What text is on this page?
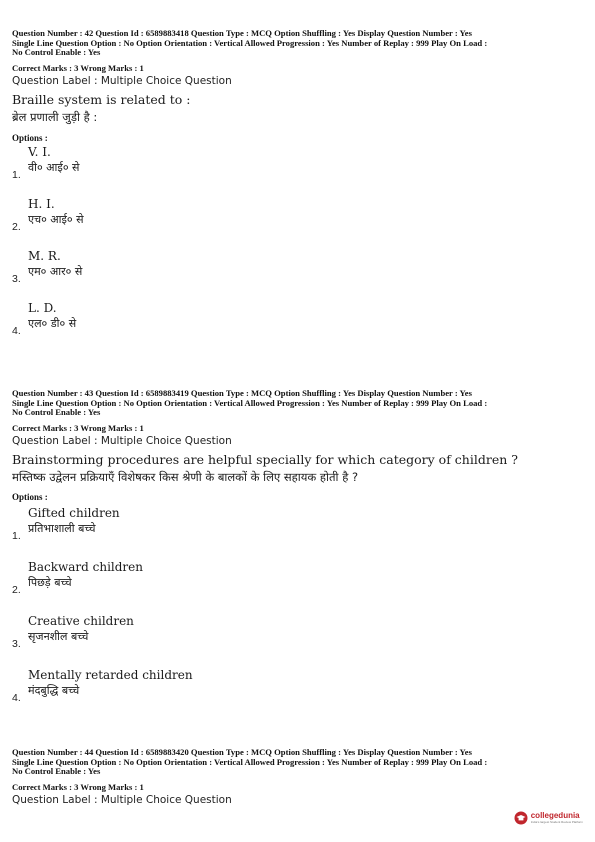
Question Number : 42 Question Id : 6589883418 Question Type : MCQ Option Shuffling : Yes Display Question Number : Yes
Single Line Question Option : No Option Orientation : Vertical Allowed Progression : Yes Number of Replay : 999 Play On Load :
No Control Enable : Yes
Correct Marks : 3 Wrong Marks : 1
Question Label : Multiple Choice Question
Braille system is related to :
ब्रेल प्रणाली जुड़ी है :
Options :
V. I.
वी० आई० से
1.
H. I.
एच० आई० से
2.
M. R.
एम० आर० से
3.
L. D.
एल० डी० से
4.
Question Number : 43 Question Id : 6589883419 Question Type : MCQ Option Shuffling : Yes Display Question Number : Yes
Single Line Question Option : No Option Orientation : Vertical Allowed Progression : Yes Number of Replay : 999 Play On Load :
No Control Enable : Yes
Correct Marks : 3 Wrong Marks : 1
Question Label : Multiple Choice Question
Brainstorming procedures are helpful specially for which category of children ?
मस्तिष्क उद्वेलन प्रक्रियाएँ विशेषकर किस श्रेणी के बालकों के लिए सहायक होती है ?
Options :
Gifted children
प्रतिभाशाली बच्चे
1.
Backward children
पिछड़े बच्चे
2.
Creative children
सृजनशील बच्चे
3.
Mentally retarded children
मंदबुद्धि बच्चे
4.
Question Number : 44 Question Id : 6589883420 Question Type : MCQ Option Shuffling : Yes Display Question Number : Yes
Single Line Question Option : No Option Orientation : Vertical Allowed Progression : Yes Number of Replay : 999 Play On Load :
No Control Enable : Yes
Correct Marks : 3 Wrong Marks : 1
Question Label : Multiple Choice Question
collegedunia
India's largest Student Review Platform
